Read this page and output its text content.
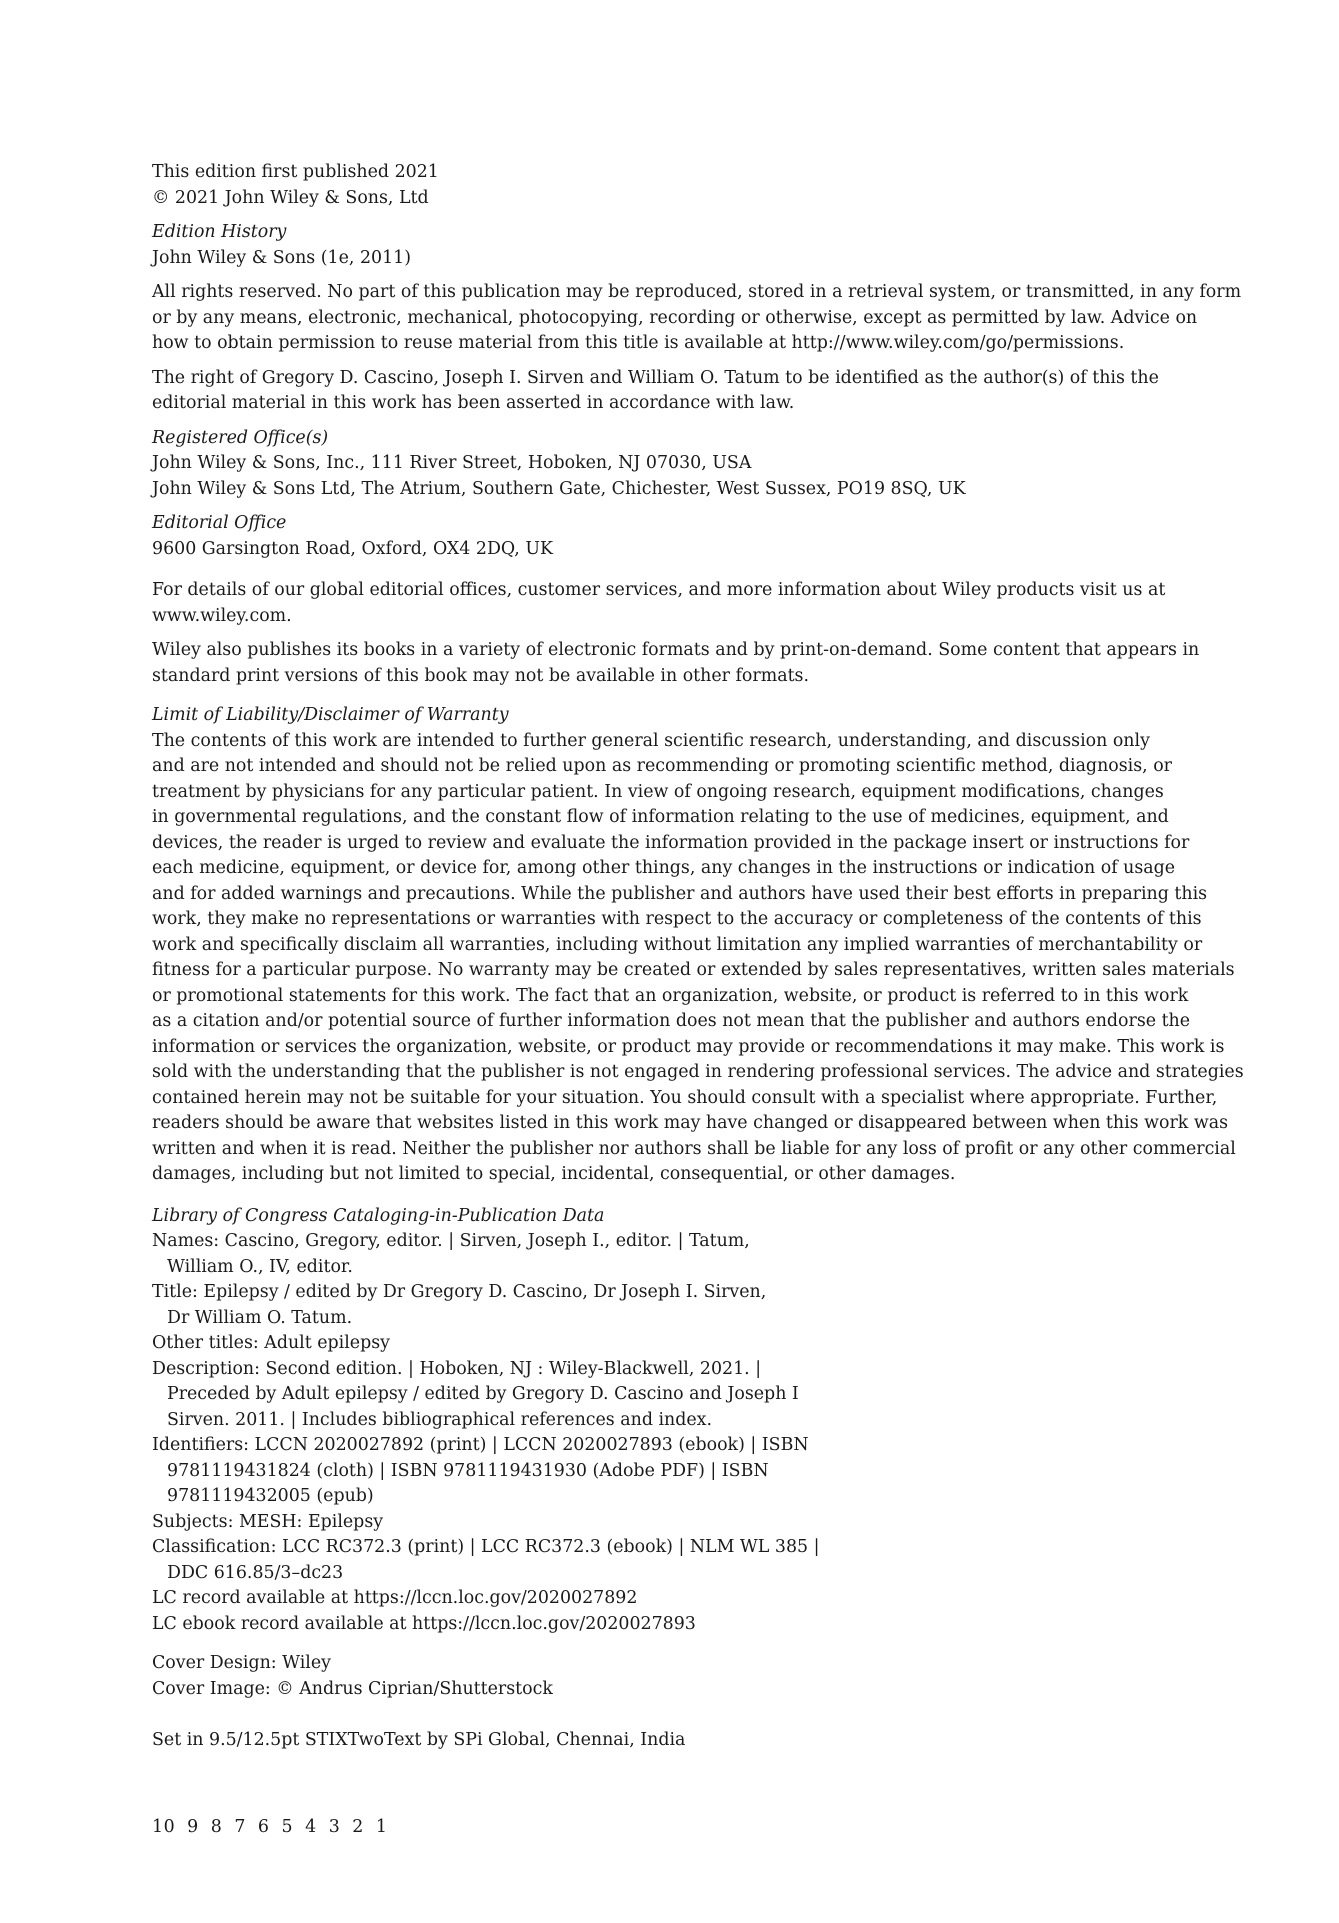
This edition first published 2021
© 2021 John Wiley & Sons, Ltd
Edition History
John Wiley & Sons (1e, 2011)
All rights reserved. No part of this publication may be reproduced, stored in a retrieval system, or transmitted, in any form
or by any means, electronic, mechanical, photocopying, recording or otherwise, except as permitted by law. Advice on
how to obtain permission to reuse material from this title is available at http://www.wiley.com/go/permissions.
The right of Gregory D. Cascino, Joseph I. Sirven and William O. Tatum to be identified as the author(s) of this the
editorial material in this work has been asserted in accordance with law.
Registered Office(s)
John Wiley & Sons, Inc., 111 River Street, Hoboken, NJ 07030, USA
John Wiley & Sons Ltd, The Atrium, Southern Gate, Chichester, West Sussex, PO19 8SQ, UK
Editorial Office
9600 Garsington Road, Oxford, OX4 2DQ, UK
For details of our global editorial offices, customer services, and more information about Wiley products visit us at
www.wiley.com.
Wiley also publishes its books in a variety of electronic formats and by print-on-demand. Some content that appears in
standard print versions of this book may not be available in other formats.
Limit of Liability/Disclaimer of Warranty
The contents of this work are intended to further general scientific research, understanding, and discussion only
and are not intended and should not be relied upon as recommending or promoting scientific method, diagnosis, or
treatment by physicians for any particular patient. In view of ongoing research, equipment modifications, changes
in governmental regulations, and the constant flow of information relating to the use of medicines, equipment, and
devices, the reader is urged to review and evaluate the information provided in the package insert or instructions for
each medicine, equipment, or device for, among other things, any changes in the instructions or indication of usage
and for added warnings and precautions. While the publisher and authors have used their best efforts in preparing this
work, they make no representations or warranties with respect to the accuracy or completeness of the contents of this
work and specifically disclaim all warranties, including without limitation any implied warranties of merchantability or
fitness for a particular purpose. No warranty may be created or extended by sales representatives, written sales materials
or promotional statements for this work. The fact that an organization, website, or product is referred to in this work
as a citation and/or potential source of further information does not mean that the publisher and authors endorse the
information or services the organization, website, or product may provide or recommendations it may make. This work is
sold with the understanding that the publisher is not engaged in rendering professional services. The advice and strategies
contained herein may not be suitable for your situation. You should consult with a specialist where appropriate. Further,
readers should be aware that websites listed in this work may have changed or disappeared between when this work was
written and when it is read. Neither the publisher nor authors shall be liable for any loss of profit or any other commercial
damages, including but not limited to special, incidental, consequential, or other damages.
Library of Congress Cataloging-in-Publication Data
Names: Cascino, Gregory, editor. | Sirven, Joseph I., editor. | Tatum,
William O., IV, editor.
Title: Epilepsy / edited by Dr Gregory D. Cascino, Dr Joseph I. Sirven,
Dr William O. Tatum.
Other titles: Adult epilepsy
Description: Second edition. | Hoboken, NJ : Wiley-Blackwell, 2021. |
Preceded by Adult epilepsy / edited by Gregory D. Cascino and Joseph I
Sirven. 2011. | Includes bibliographical references and index.
Identifiers: LCCN 2020027892 (print) | LCCN 2020027893 (ebook) | ISBN
9781119431824 (cloth) | ISBN 9781119431930 (Adobe PDF) | ISBN
9781119432005 (epub)
Subjects: MESH: Epilepsy
Classification: LCC RC372.3 (print) | LCC RC372.3 (ebook) | NLM WL 385 |
DDC 616.85/3–dc23
LC record available at https://lccn.loc.gov/2020027892
LC ebook record available at https://lccn.loc.gov/2020027893
Cover Design: Wiley
Cover Image: © Andrus Ciprian/Shutterstock
Set in 9.5/12.5pt STIXTwoText by SPi Global, Chennai, India
10 9 8 7 6 5 4 3 2 1
